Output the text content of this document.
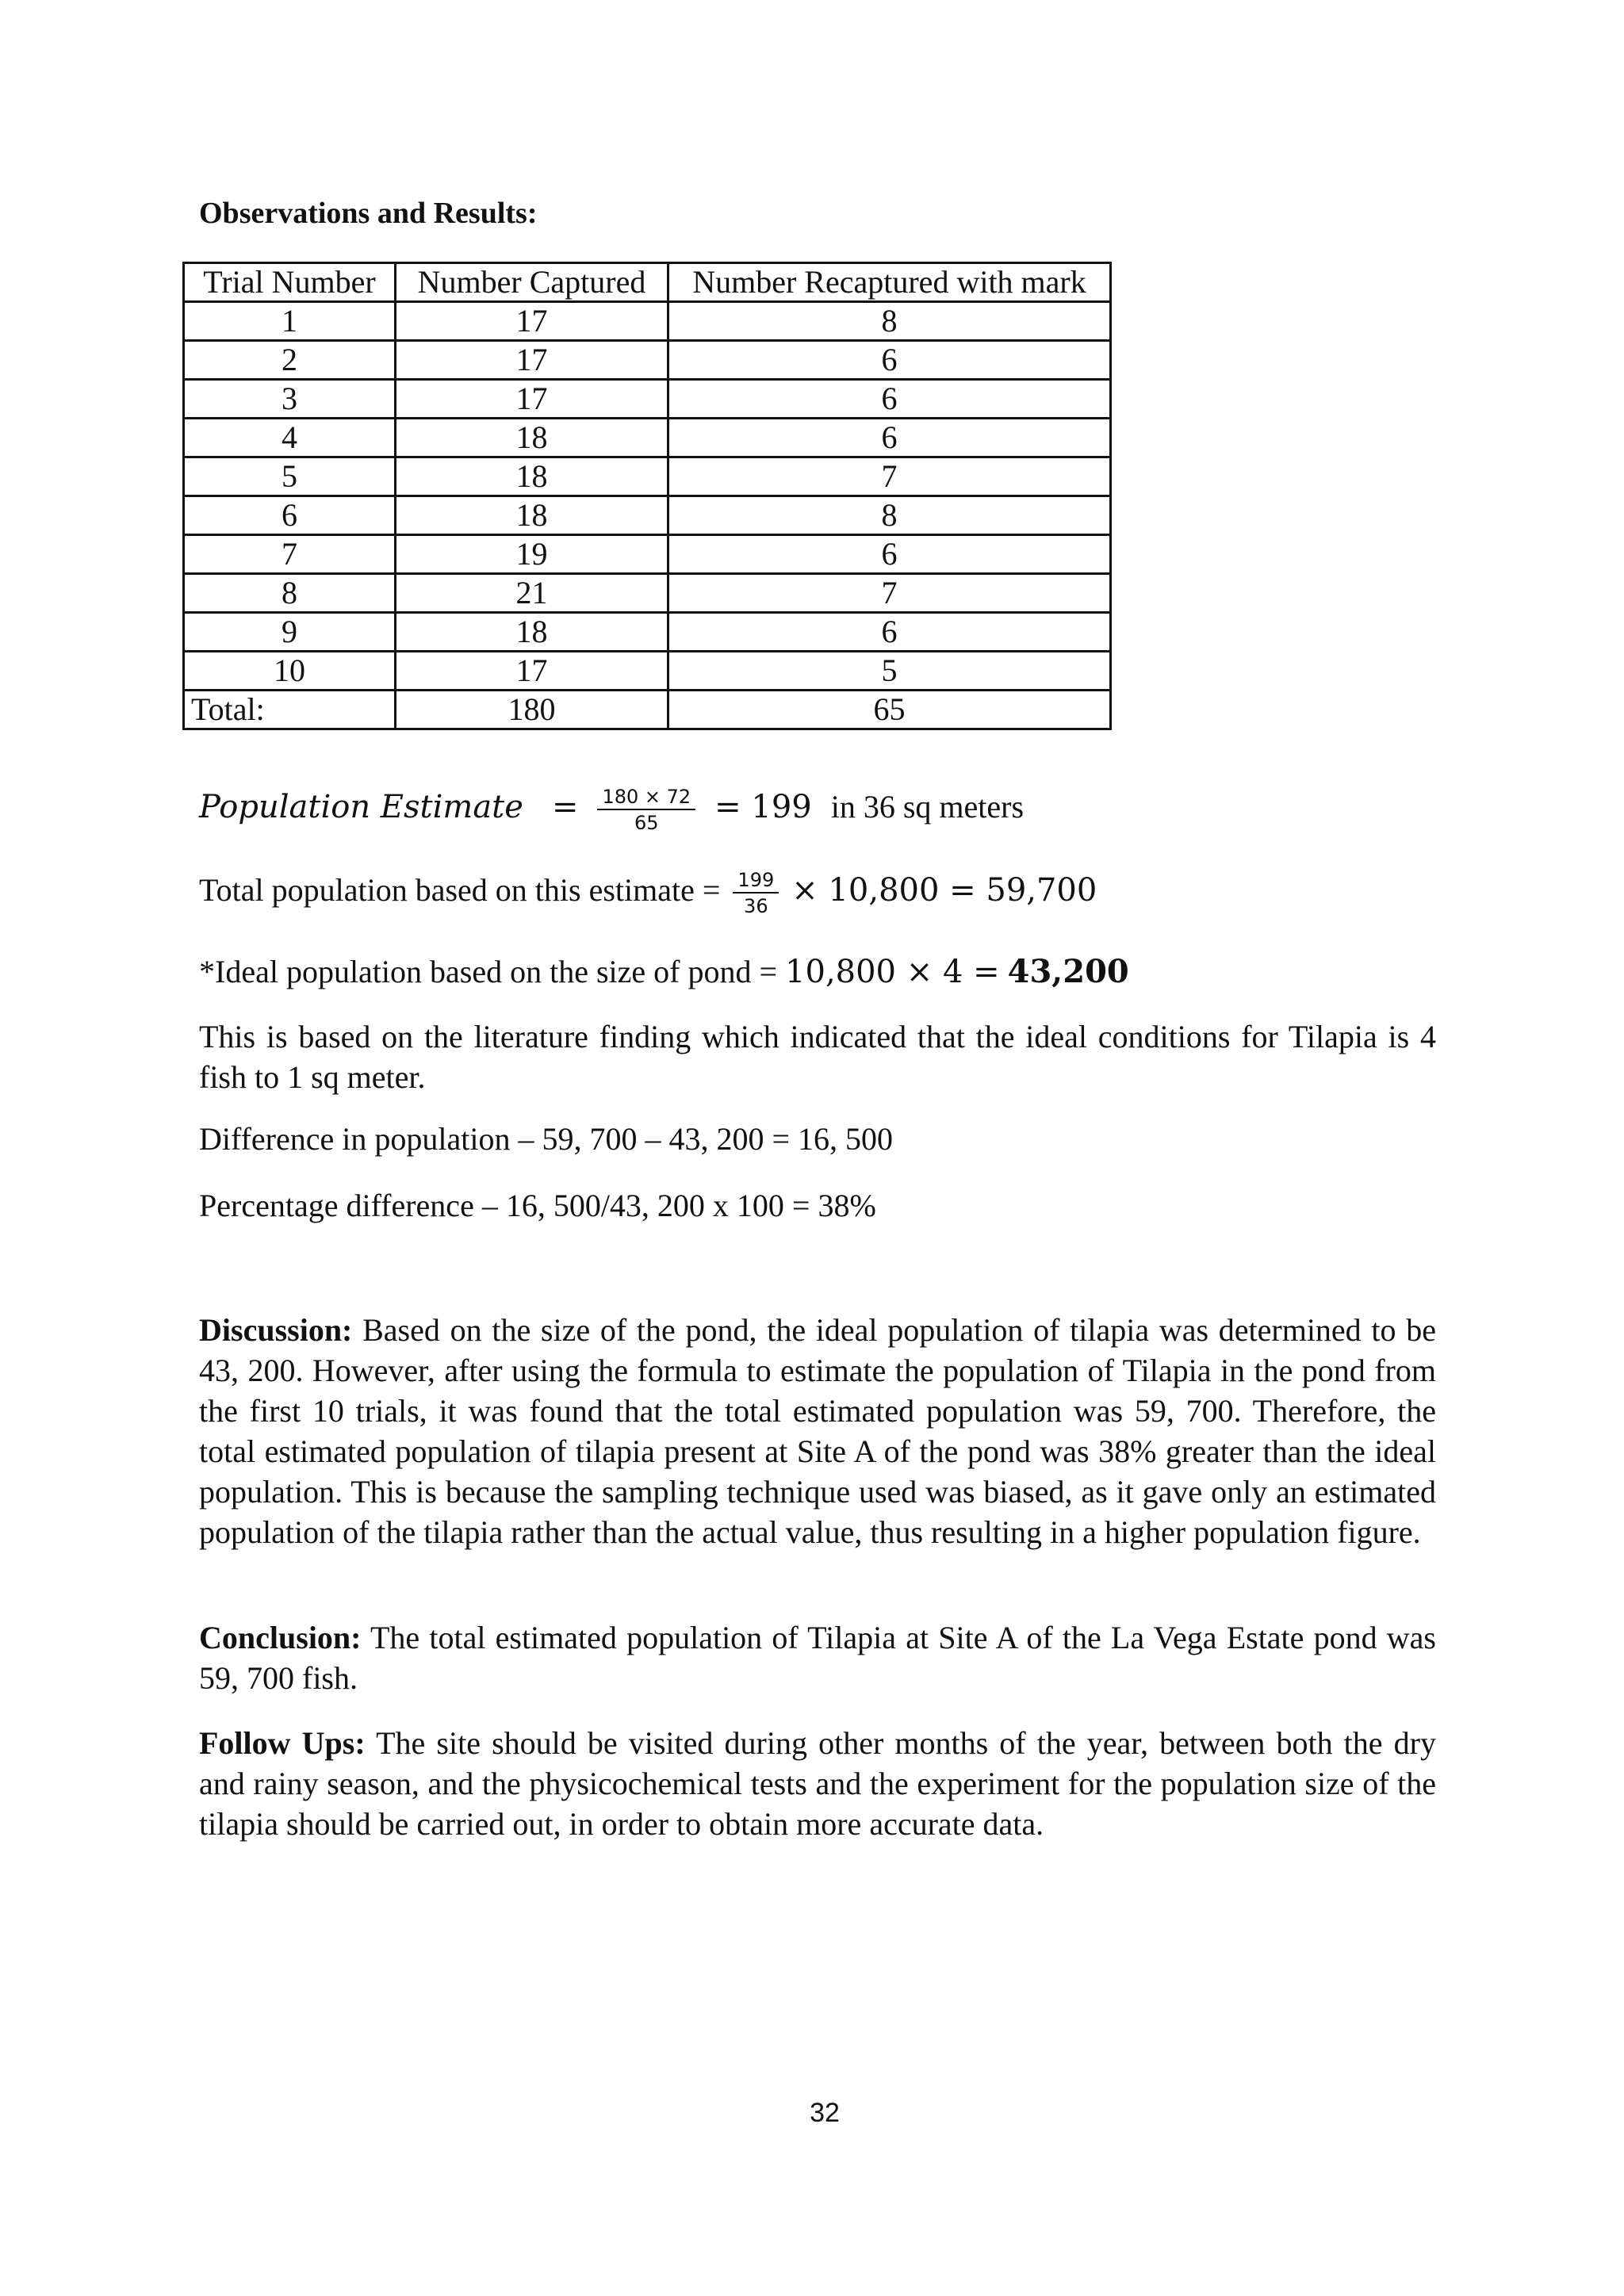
Observations and Results:
Trial Number	Number Captured	Number Recaptured with mark
1	17	8
2	17	6
3	17	6
4	18	6
5	18	7
6	18	8
7	19	6
8	21	7
9	18	6
10	17	5
Total:	180	65
Population Estimate = $\frac{180 \times 72}{65} = 199$ in 36 sq meters
Total population based on this estimate = $\frac{199}{36} \times 10,800 = 59,700$
*Ideal population based on the size of pond = 10,800 × 4 = 43,200
This is based on the literature finding which indicated that the ideal conditions for Tilapia is 4 fish to 1 sq meter.
Difference in population – 59, 700 – 43, 200 = 16, 500
Percentage difference – 16, 500/43, 200 x 100 = 38%
Discussion: Based on the size of the pond, the ideal population of tilapia was determined to be 43, 200. However, after using the formula to estimate the population of Tilapia in the pond from the first 10 trials, it was found that the total estimated population was 59, 700. Therefore, the total estimated population of tilapia present at Site A of the pond was 38% greater than the ideal population. This is because the sampling technique used was biased, as it gave only an estimated population of the tilapia rather than the actual value, thus resulting in a higher population figure.
Conclusion: The total estimated population of Tilapia at Site A of the La Vega Estate pond was 59, 700 fish.
Follow Ups: The site should be visited during other months of the year, between both the dry and rainy season, and the physicochemical tests and the experiment for the population size of the tilapia should be carried out, in order to obtain more accurate data.
32
